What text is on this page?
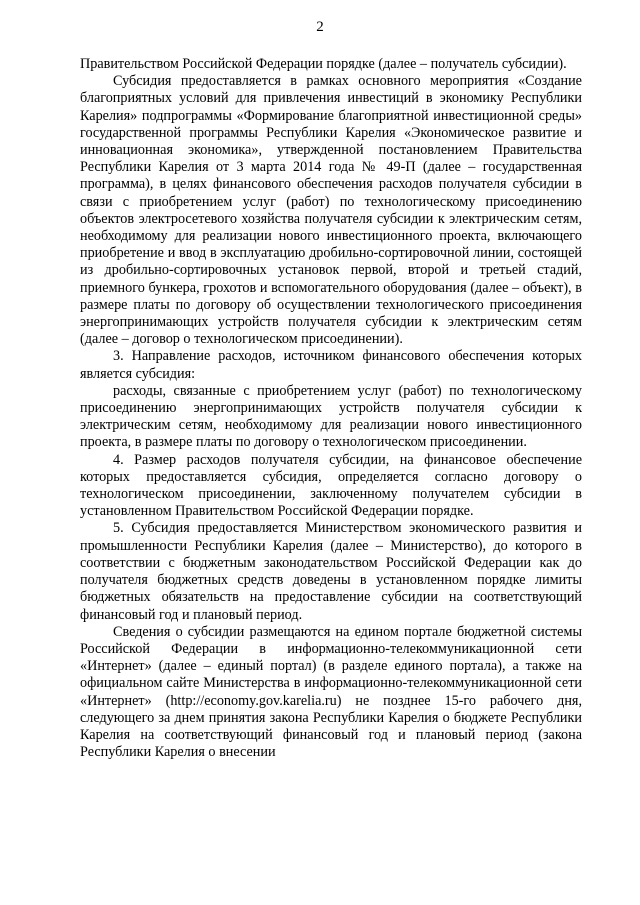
2

Правительством Российской Федерации порядке (далее – получатель субсидии).

Субсидия предоставляется в рамках основного мероприятия «Создание благоприятных условий для привлечения инвестиций в экономику Республики Карелия» подпрограммы «Формирование благоприятной инвестиционной среды» государственной программы Республики Карелия «Экономическое развитие и инновационная экономика», утвержденной постановлением Правительства Республики Карелия от 3 марта 2014 года № 49-П (далее – государственная программа), в целях финансового обеспечения расходов получателя субсидии в связи с приобретением услуг (работ) по технологическому присоединению объектов электросетевого хозяйства получателя субсидии к электрическим сетям, необходимому для реализации нового инвестиционного проекта, включающего приобретение и ввод в эксплуатацию дробильно-сортировочной линии, состоящей из дробильно-сортировочных установок первой, второй и третьей стадий, приемного бункера, грохотов и вспомогательного оборудования (далее – объект), в размере платы по договору об осуществлении технологического присоединения энергопринимающих устройств получателя субсидии к электрическим сетям (далее – договор о технологическом присоединении).

3. Направление расходов, источником финансового обеспечения которых является субсидия:

расходы, связанные с приобретением услуг (работ) по технологическому присоединению энергопринимающих устройств получателя субсидии к электрическим сетям, необходимому для реализации нового инвестиционного проекта, в размере платы по договору о технологическом присоединении.

4. Размер расходов получателя субсидии, на финансовое обеспечение которых предоставляется субсидия, определяется согласно договору о технологическом присоединении, заключенному получателем субсидии в установленном Правительством Российской Федерации порядке.

5. Субсидия предоставляется Министерством экономического развития и промышленности Республики Карелия (далее – Министерство), до которого в соответствии с бюджетным законодательством Российской Федерации как до получателя бюджетных средств доведены в установленном порядке лимиты бюджетных обязательств на предоставление субсидии на соответствующий финансовый год и плановый период.

Сведения о субсидии размещаются на едином портале бюджетной системы Российской Федерации в информационно-телекоммуникационной сети «Интернет» (далее – единый портал) (в разделе единого портала), а также на официальном сайте Министерства в информационно-телекоммуникационной сети «Интернет» (http://economy.gov.karelia.ru) не позднее 15-го рабочего дня, следующего за днем принятия закона Республики Карелия о бюджете Республики Карелия на соответствующий финансовый год и плановый период (закона Республики Карелия о внесении
